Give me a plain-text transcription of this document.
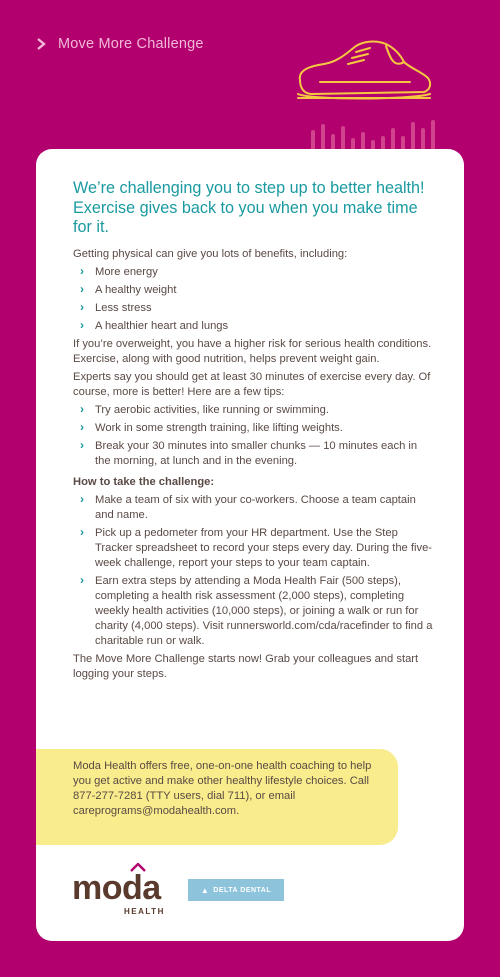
Move More Challenge
We’re challenging you to step up to better health! Exercise gives back to you when you make time for it.

Getting physical can give you lots of benefits, including:

› More energy
› A healthy weight
› Less stress
› A healthier heart and lungs

If you’re overweight, you have a higher risk for serious health conditions. Exercise, along with good nutrition, helps prevent weight gain.

Experts say you should get at least 30 minutes of exercise every day. Of course, more is better! Here are a few tips:

› Try aerobic activities, like running or swimming.
› Work in some strength training, like lifting weights.
› Break your 30 minutes into smaller chunks — 10 minutes each in the morning, at lunch and in the evening.

How to take the challenge:

› Make a team of six with your co-workers. Choose a team captain and name.
› Pick up a pedometer from your HR department. Use the Step Tracker spreadsheet to record your steps every day. During the five-week challenge, report your steps to your team captain.
› Earn extra steps by attending a Moda Health Fair (500 steps), completing a health risk assessment (2,000 steps), completing weekly health activities (10,000 steps), or joining a walk or run for charity (4,000 steps). Visit runnersworld.com/cda/racefinder to find a charitable run or walk.

The Move More Challenge starts now! Grab your colleagues and start logging your steps.

Moda Health offers free, one-on-one health coaching to help you get active and make other healthy lifestyle choices. Call 877-277-7281 (TTY users, dial 711), or email careprograms@modahealth.com.

moda
HEALTH
▲ DELTA DENTAL
